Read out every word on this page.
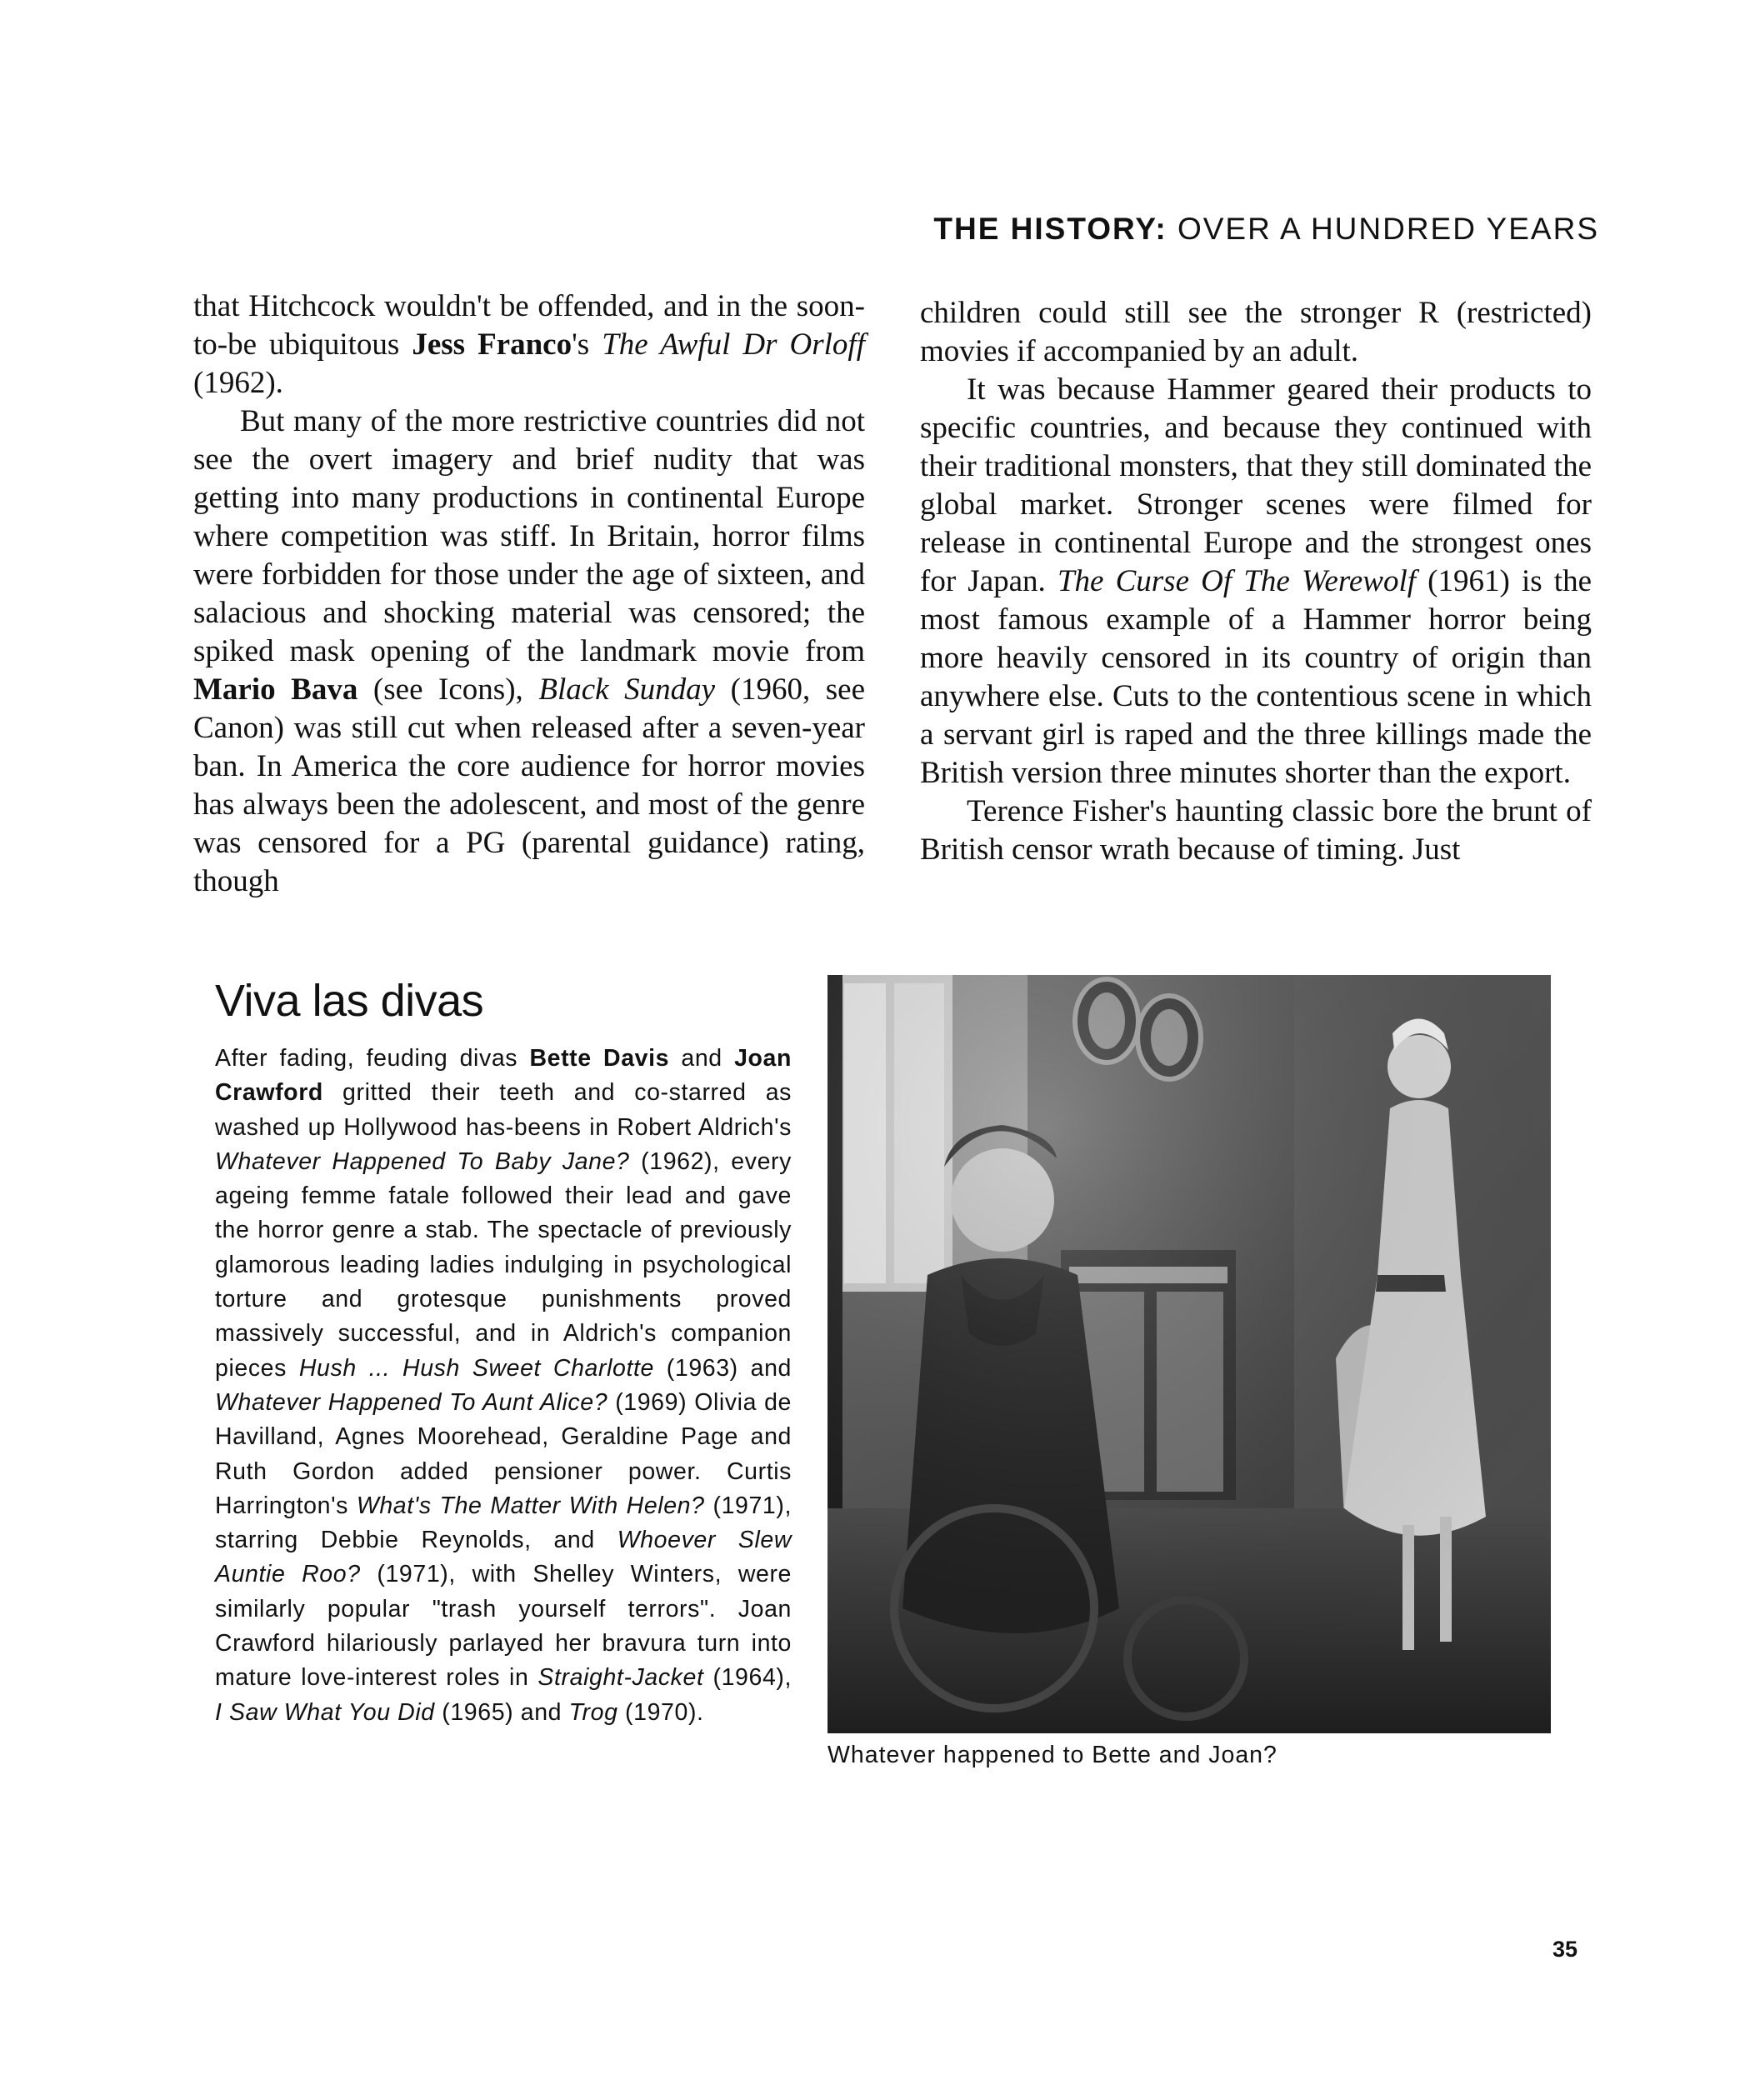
THE HISTORY: OVER A HUNDRED YEARS

that Hitchcock wouldn't be offended, and in the soon-to-be ubiquitous Jess Franco's The Awful Dr Orloff (1962).

But many of the more restrictive countries did not see the overt imagery and brief nudity that was getting into many productions in continental Europe where competition was stiff. In Britain, horror films were forbidden for those under the age of sixteen, and salacious and shocking material was censored; the spiked mask opening of the landmark movie from Mario Bava (see Icons), Black Sunday (1960, see Canon) was still cut when released after a seven-year ban. In America the core audience for horror movies has always been the adolescent, and most of the genre was censored for a PG (parental guidance) rating, though

children could still see the stronger R (restricted) movies if accompanied by an adult.

It was because Hammer geared their products to specific countries, and because they continued with their traditional monsters, that they still dominated the global market. Stronger scenes were filmed for release in continental Europe and the strongest ones for Japan. The Curse Of The Werewolf (1961) is the most famous example of a Hammer horror being more heavily censored in its country of origin than anywhere else. Cuts to the contentious scene in which a servant girl is raped and the three killings made the British version three minutes shorter than the export.

Terence Fisher's haunting classic bore the brunt of British censor wrath because of timing. Just

Viva las divas

After fading, feuding divas Bette Davis and Joan Crawford gritted their teeth and co-starred as washed up Hollywood has-beens in Robert Aldrich's Whatever Happened To Baby Jane? (1962), every ageing femme fatale followed their lead and gave the horror genre a stab. The spectacle of previously glamorous leading ladies indulging in psychological torture and grotesque punishments proved massively successful, and in Aldrich's companion pieces Hush ... Hush Sweet Charlotte (1963) and Whatever Happened To Aunt Alice? (1969) Olivia de Havilland, Agnes Moorehead, Geraldine Page and Ruth Gordon added pensioner power. Curtis Harrington's What's The Matter With Helen? (1971), starring Debbie Reynolds, and Whoever Slew Auntie Roo? (1971), with Shelley Winters, were similarly popular "trash yourself terrors". Joan Crawford hilariously parlayed her bravura turn into mature love-interest roles in Straight-Jacket (1964), I Saw What You Did (1965) and Trog (1970).

Whatever happened to Bette and Joan?
35
